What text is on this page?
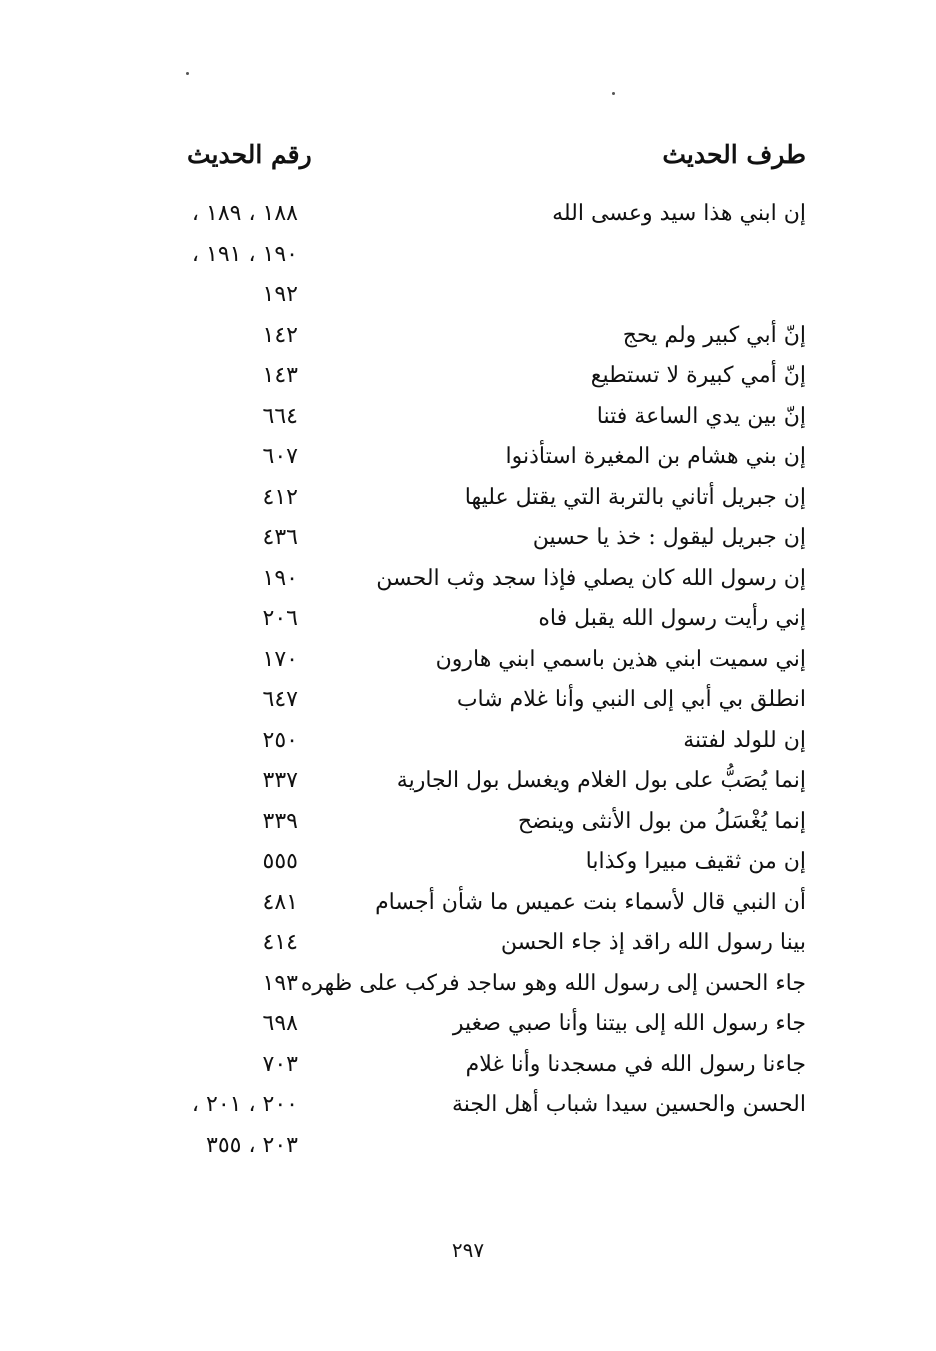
طرف الحديث
رقم الحديث
إن ابني هذا سيد وعسى الله
١٨٨ ، ١٨٩ ،
١٩٠ ، ١٩١ ،
١٩٢
إنّ أبي كبير ولم يحج
١٤٢
إنّ أمي كبيرة لا تستطيع
١٤٣
إنّ بين يدي الساعة فتنا
٦٦٤
إن بني هشام بن المغيرة استأذنوا
٦٠٧
إن جبريل أتاني بالتربة التي يقتل عليها
٤١٢
إن جبريل ليقول : خذ يا حسين
٤٣٦
إن رسول الله كان يصلي فإذا سجد وثب الحسن
١٩٠
إني رأيت رسول الله يقبل فاه
٢٠٦
إني سميت ابني هذين باسمي ابني هارون
١٧٠
انطلق بي أبي إلى النبي وأنا غلام شاب
٦٤٧
إن للولد لفتنة
٢٥٠
إنما يُصَبُّ على بول الغلام ويغسل بول الجارية
٣٣٧
إنما يُغْسَلُ من بول الأنثى وينضح
٣٣٩
إن من ثقيف مبيرا وكذابا
٥٥٥
أن النبي قال لأسماء بنت عميس ما شأن أجسام
٤٨١
بينا رسول الله راقد إذ جاء الحسن
٤١٤
جاء الحسن إلى رسول الله وهو ساجد فركب على ظهره
١٩٣
جاء رسول الله إلى بيتنا وأنا صبي صغير
٦٩٨
جاءنا رسول الله في مسجدنا وأنا غلام
٧٠٣
الحسن والحسين سيدا شباب أهل الجنة
٢٠٠ ، ٢٠١ ،
٢٠٣ ، ٣٥٥
٢٩٧
